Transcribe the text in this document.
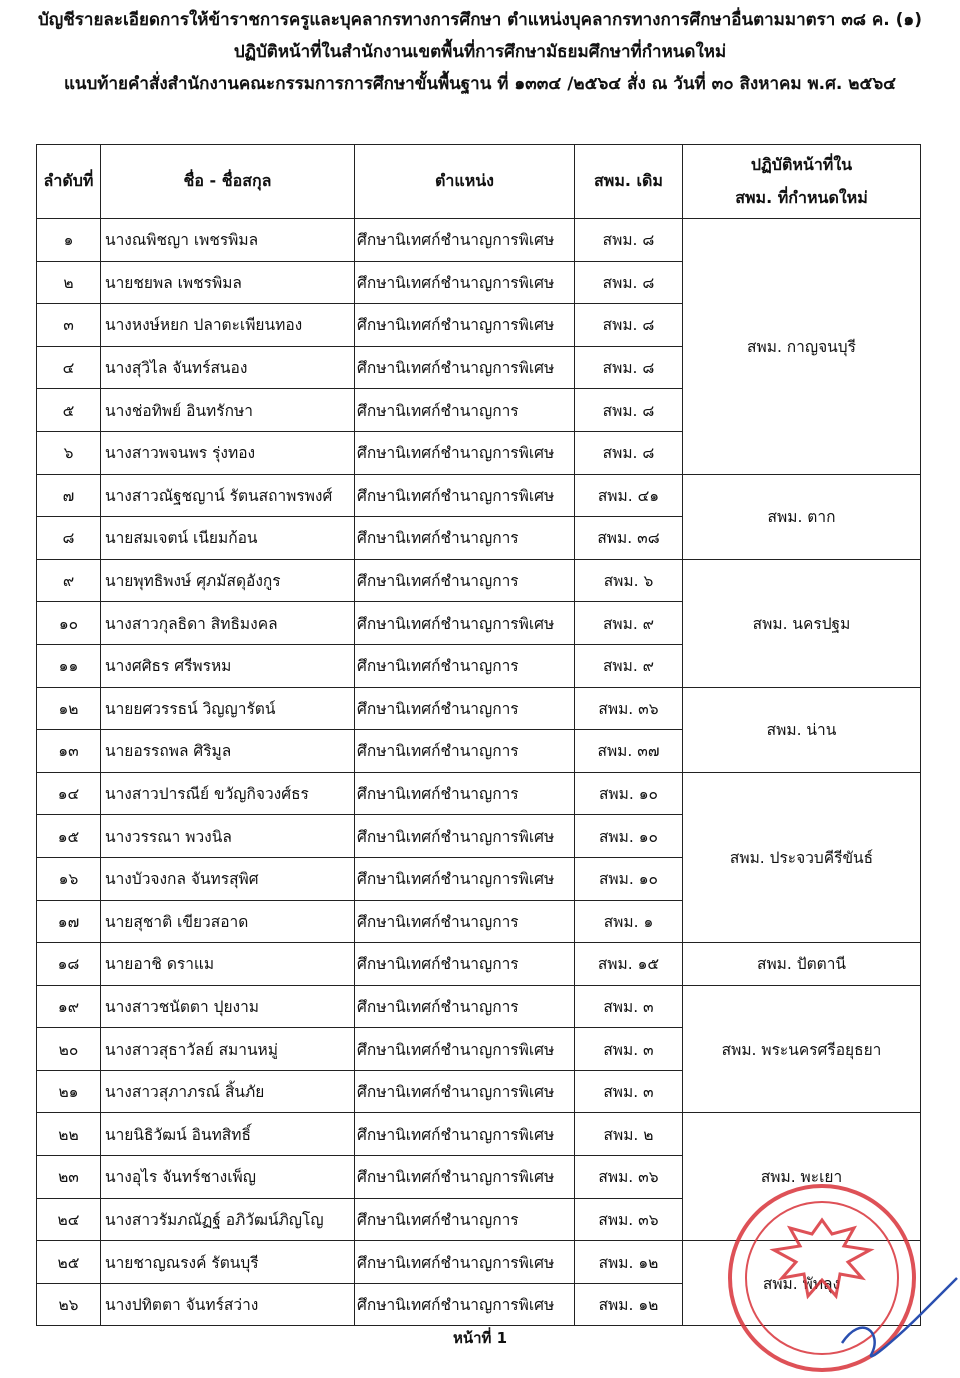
บัญชีรายละเอียดการให้ข้าราชการครูและบุคลากรทางการศึกษา ตำแหน่งบุคลากรทางการศึกษาอื่นตามมาตรา ๓๘ ค. (๑)
ปฏิบัติหน้าที่ในสำนักงานเขตพื้นที่การศึกษามัธยมศึกษาที่กำหนดใหม่
แนบท้ายคำสั่งสำนักงานคณะกรรมการการศึกษาขั้นพื้นฐาน ที่ ๑๓๓๔ /๒๕๖๔ สั่ง ณ วันที่ ๓๐ สิงหาคม พ.ศ. ๒๕๖๔
ลำดับที่	ชื่อ - ชื่อสกุล	ตำแหน่ง	สพม. เดิม	ปฏิบัติหน้าที่ใน
สพม. ที่กำหนดใหม่

๑	นางณพิชญา เพชรพิมล	ศึกษานิเทศก์ชำนาญการพิเศษ	สพม. ๘	สพม. กาญจนบุรี
๒	นายชยพล เพชรพิมล	ศึกษานิเทศก์ชำนาญการพิเศษ	สพม. ๘	
๓	นางหงษ์หยก ปลาตะเพียนทอง	ศึกษานิเทศก์ชำนาญการพิเศษ	สพม. ๘	
๔	นางสุวิไล จันทร์สนอง	ศึกษานิเทศก์ชำนาญการพิเศษ	สพม. ๘	
๕	นางช่อทิพย์ อินทรักษา	ศึกษานิเทศก์ชำนาญการ	สพม. ๘	
๖	นางสาวพจนพร รุ่งทอง	ศึกษานิเทศก์ชำนาญการพิเศษ	สพม. ๘	
๗	นางสาวณัฐชญาน์ รัตนสถาพรพงศ์	ศึกษานิเทศก์ชำนาญการพิเศษ	สพม. ๔๑	สพม. ตาก
๘	นายสมเจตน์ เนียมก้อน	ศึกษานิเทศก์ชำนาญการ	สพม. ๓๘	
๙	นายพุทธิพงษ์ ศุภมัสดุอังกูร	ศึกษานิเทศก์ชำนาญการ	สพม. ๖	สพม. นครปฐม
๑๐	นางสาวกุลธิดา สิทธิมงคล	ศึกษานิเทศก์ชำนาญการพิเศษ	สพม. ๙	
๑๑	นางศศิธร ศรีพรหม	ศึกษานิเทศก์ชำนาญการ	สพม. ๙	
๑๒	นายยศวรรธน์ วิญญารัตน์	ศึกษานิเทศก์ชำนาญการ	สพม. ๓๖	สพม. น่าน
๑๓	นายอรรถพล ศิริมูล	ศึกษานิเทศก์ชำนาญการ	สพม. ๓๗	
๑๔	นางสาวปารณีย์ ขวัญกิจวงศ์ธร	ศึกษานิเทศก์ชำนาญการ	สพม. ๑๐	สพม. ประจวบคีรีขันธ์
๑๕	นางวรรณา พวงนิล	ศึกษานิเทศก์ชำนาญการพิเศษ	สพม. ๑๐	
๑๖	นางบัวจงกล จันทรสุพิศ	ศึกษานิเทศก์ชำนาญการพิเศษ	สพม. ๑๐	
๑๗	นายสุชาติ เขียวสอาด	ศึกษานิเทศก์ชำนาญการ	สพม. ๑	
๑๘	นายอาชิ ดราแม	ศึกษานิเทศก์ชำนาญการ	สพม. ๑๕	สพม. ปัตตานี
๑๙	นางสาวชนัตตา ปุยงาม	ศึกษานิเทศก์ชำนาญการ	สพม. ๓	สพม. พระนครศรีอยุธยา
๒๐	นางสาวสุธาวัลย์ สมานหมู่	ศึกษานิเทศก์ชำนาญการพิเศษ	สพม. ๓	
๒๑	นางสาวสุภาภรณ์ สิ้นภัย	ศึกษานิเทศก์ชำนาญการพิเศษ	สพม. ๓	
๒๒	นายนิธิวัฒน์ อินทสิทธิ์	ศึกษานิเทศก์ชำนาญการพิเศษ	สพม. ๒	สพม. พะเยา
๒๓	นางอุไร จันทร์ชางเพ็ญ	ศึกษานิเทศก์ชำนาญการพิเศษ	สพม. ๓๖	
๒๔	นางสาวรัมภณัฏฐ์ อภิวัฒน์ภิญโญ	ศึกษานิเทศก์ชำนาญการ	สพม. ๓๖	
๒๕	นายชาญณรงค์ รัตนบุรี	ศึกษานิเทศก์ชำนาญการพิเศษ	สพม. ๑๒	สพม. พัทลุง
๒๖	นางปทิตตา จันทร์สว่าง	ศึกษานิเทศก์ชำนาญการพิเศษ	สพม. ๑๒	
หน้าที่ 1
